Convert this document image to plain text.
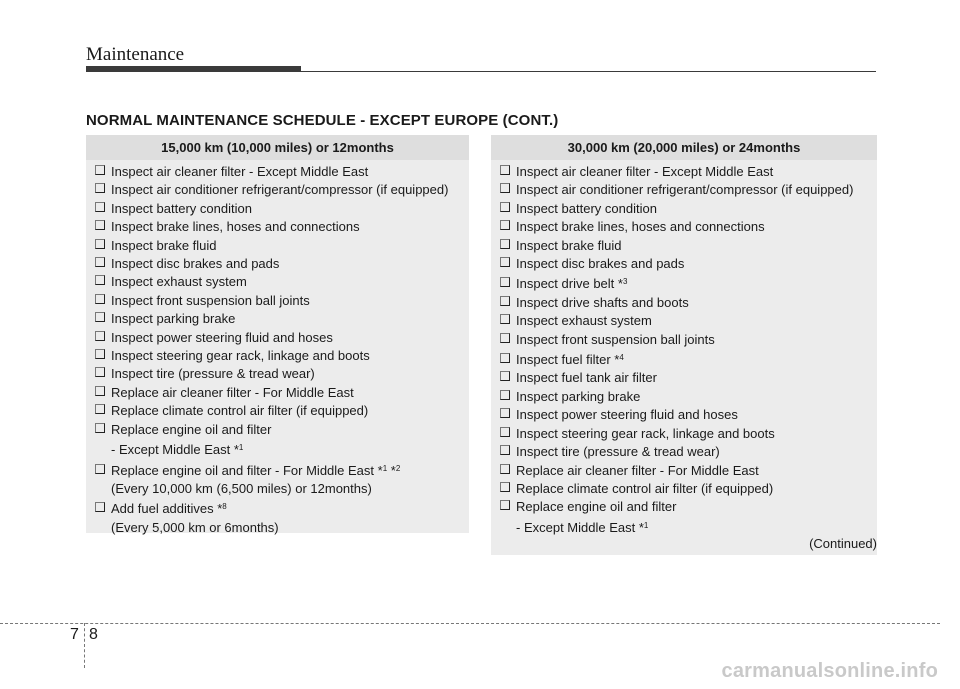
Maintenance
NORMAL MAINTENANCE SCHEDULE - EXCEPT EUROPE (CONT.)
15,000 km (10,000 miles) or 12months
Inspect air cleaner filter - Except Middle East
Inspect air conditioner refrigerant/compressor (if equipped)
Inspect battery condition
Inspect brake lines, hoses and connections
Inspect brake fluid
Inspect disc brakes and pads
Inspect exhaust system
Inspect front suspension ball joints
Inspect parking brake
Inspect power steering fluid and hoses
Inspect steering gear rack, linkage and boots
Inspect tire (pressure & tread wear)
Replace air cleaner filter - For Middle East
Replace climate control air filter (if equipped)
Replace engine oil and filter
- Except Middle East *$^1$
Replace engine oil and filter - For Middle East *$^1$ *$^2$
(Every 10,000 km (6,500 miles) or 12months)
Add fuel additives *$^8$
(Every 5,000 km or 6months)
30,000 km (20,000 miles) or 24months
Inspect air cleaner filter - Except Middle East
Inspect air conditioner refrigerant/compressor (if equipped)
Inspect battery condition
Inspect brake lines, hoses and connections
Inspect brake fluid
Inspect disc brakes and pads
Inspect drive belt *$^3$
Inspect drive shafts and boots
Inspect exhaust system
Inspect front suspension ball joints
Inspect fuel filter *$^4$
Inspect fuel tank air filter
Inspect parking brake
Inspect power steering fluid and hoses
Inspect steering gear rack, linkage and boots
Inspect tire (pressure & tread wear)
Replace air cleaner filter - For Middle East
Replace climate control air filter (if equipped)
Replace engine oil and filter
- Except Middle East *$^1$
(Continued)
7 8
carmanualsonline.info
